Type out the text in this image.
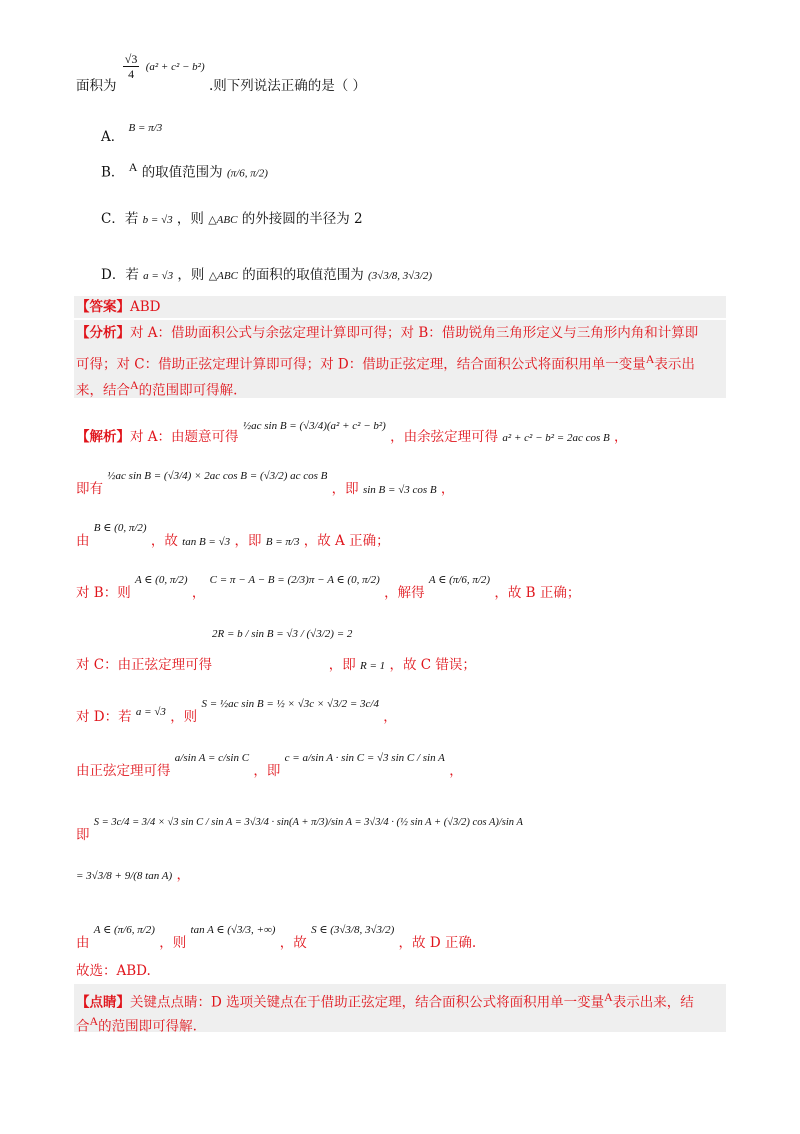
面积为
$\frac{√3}{4} (a^2 + c^2 - b^2)$ .则下列说法正确的是（ ）
A． B = π/3
B． A 的取值范围为 (π/6, π/2)
C．若 b = √3 ，则 △ABC 的外接圆的半径为 2
D．若 a = √3 ，则 △ABC 的面积的取值范围为 (3√3/8, 3√3/2)
【答案】ABD
【分析】对 A：借助面积公式与余弦定理计算即可得；对 B：借助锐角三角形定义与三角形内角和计算即
可得；对 C：借助正弦定理计算即可得；对 D：借助正弦定理，结合面积公式将面积用单一变量A表示出
来，结合A的范围即可得解.
【解析】对 A：由题意可得 $^{\frac{1}{2}ac sin B = (√3/4)(a^2 + c^2 - b^2)}$ ，由余弦定理可得 a² + c² − b² = 2ac cos B ，
即有 $^{\frac{1}{2}ac sin B = (√3/4) \times 2ac cos B = (√3/2) ac cos B}$ ，即 sin B = √3 cos B ，
由 $^{B \in (0, \pi/2)}$ ，故 tan B = √3 ，即 B = π/3 ，故 A 正确；
对 B：则 $^{A \in (0, \pi/2)}$ ， $^{C = \pi - A - B = (2/3)\pi - A \in (0, \pi/2)}$ ，解得 $^{A \in (\pi/6, \pi/2)}$ ，故 B 正确；
2R = b / sin B = √3 / (√3/2) = 2
对 C：由正弦定理可得	，即 R = 1 ，故 C 错误；
对 D：若 $^{a = √3}$ ，则 $^{S = \frac{1}{2}ac sin B = \frac{1}{2} \times √3c \times √3/2 = 3c/4}$ ，
由正弦定理可得 $^{a/sin A = c/sin C}$ ，即 $^{c = a/sin A \cdot sin C = √3 sin C / sin A}$ ，
即 $^{S = 3c/4 = 3/4 \times √3 sin C / sin A = 3√3/4 \cdot sin(A + \pi/3)/sin A = 3√3/4 \cdot (\frac{1}{2} sin A + (√3/2) cos A)/sin A}$
= 3√3/8 + 9/(8 tan A) ，
由 $^{A \in (\pi/6, \pi/2)}$ ，则 $^{tan A \in (√3/3, +\infty)}$ ，故 $^{S \in (3√3/8, 3√3/2)}$ ，故 D 正确.
故选：ABD.
【点睛】关键点点睛：D 选项关键点在于借助正弦定理，结合面积公式将面积用单一变量A表示出来，结
合A的范围即可得解.
